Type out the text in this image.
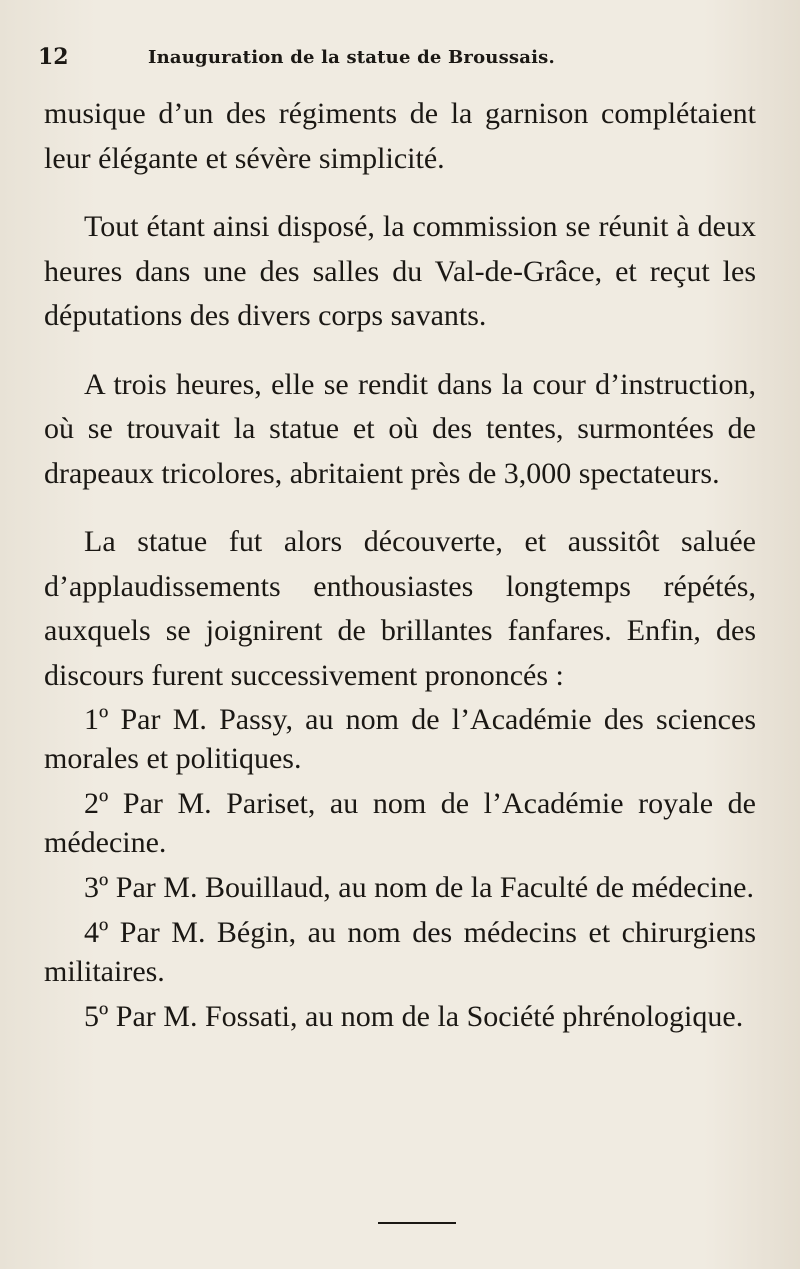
12	Inauguration de la statue de Broussais.

musique d’un des régiments de la garnison complétaient leur élégante et sévère simplicité.

Tout étant ainsi disposé, la commission se réunit à deux heures dans une des salles du Val-de-Grâce, et reçut les députations des divers corps savants.

A trois heures, elle se rendit dans la cour d’instruction, où se trouvait la statue et où des tentes, surmontées de drapeaux tricolores, abritaient près de 3,000 spectateurs.

La statue fut alors découverte, et aussitôt saluée d’applaudissements enthousiastes longtemps répétés, auxquels se joignirent de brillantes fanfares. Enfin, des discours furent successivement prononcés :

1º Par M. Passy, au nom de l’Académie des sciences morales et politiques.

2º Par M. Pariset, au nom de l’Académie royale de médecine.

3º Par M. Bouillaud, au nom de la Faculté de médecine.

4º Par M. Bégin, au nom des médecins et chirurgiens militaires.

5º Par M. Fossati, au nom de la Société phrénologique.
